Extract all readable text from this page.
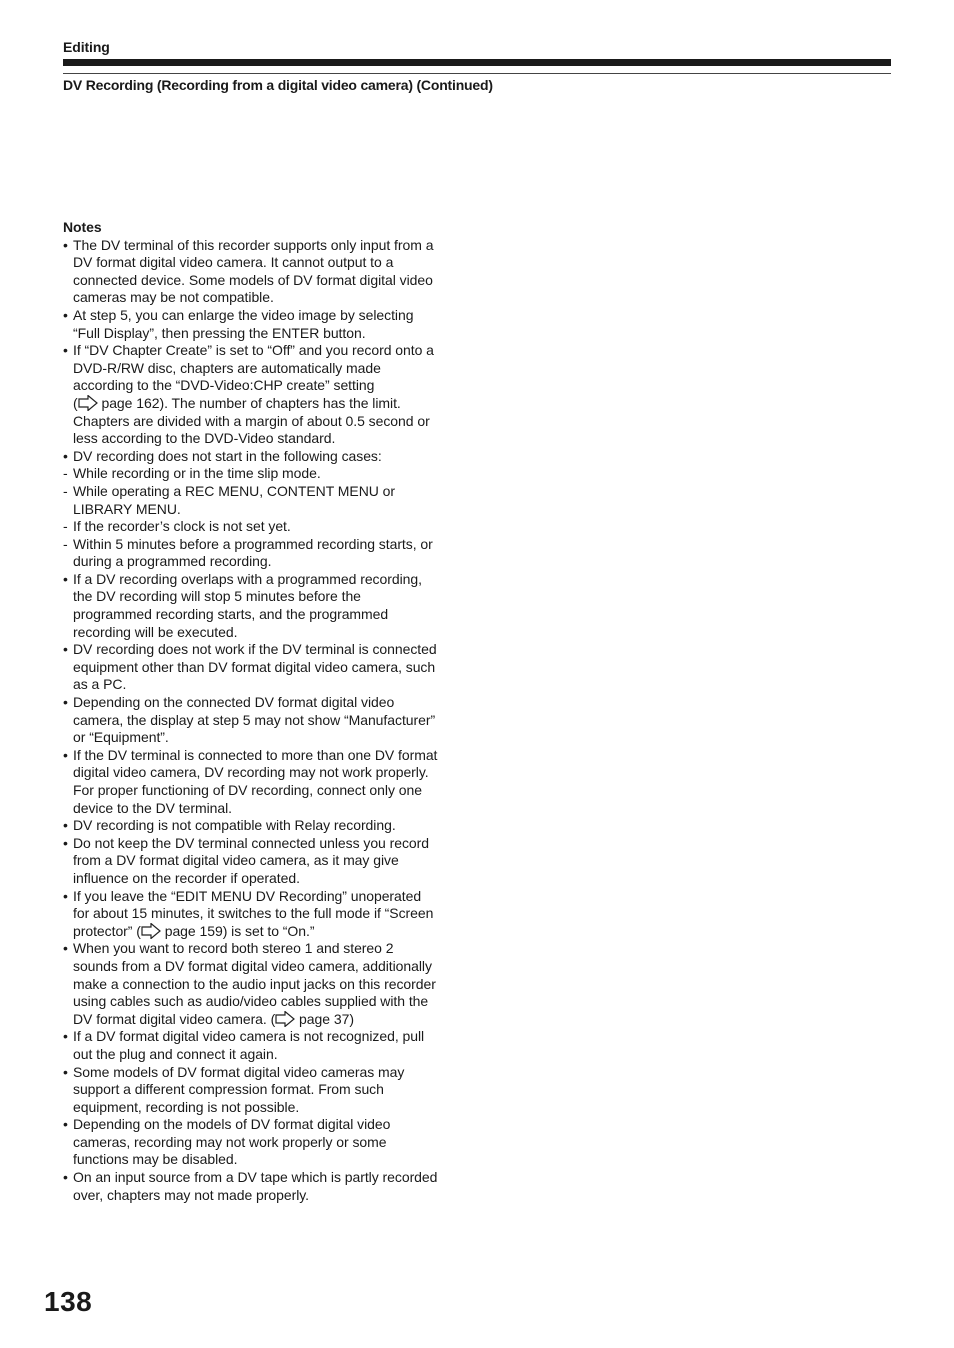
Editing
DV Recording (Recording from a digital video camera) (Continued)
Notes
• The DV terminal of this recorder supports only input from a
DV format digital video camera. It cannot output to a
connected device. Some models of DV format digital video
cameras may be not compatible.
• At step 5, you can enlarge the video image by selecting
“Full Display”, then pressing the ENTER button.
• If “DV Chapter Create” is set to “Off” and you record onto a
DVD-R/RW disc, chapters are automatically made
according to the “DVD-Video:CHP create” setting
( page 162). The number of chapters has the limit.
Chapters are divided with a margin of about 0.5 second or
less according to the DVD-Video standard.
• DV recording does not start in the following cases:
- While recording or in the time slip mode.
- While operating a REC MENU, CONTENT MENU or
LIBRARY MENU.
- If the recorder’s clock is not set yet.
- Within 5 minutes before a programmed recording starts, or
during a programmed recording.
• If a DV recording overlaps with a programmed recording,
the DV recording will stop 5 minutes before the
programmed recording starts, and the programmed
recording will be executed.
• DV recording does not work if the DV terminal is connected
equipment other than DV format digital video camera, such
as a PC.
• Depending on the connected DV format digital video
camera, the display at step 5 may not show “Manufacturer”
or “Equipment”.
• If the DV terminal is connected to more than one DV format
digital video camera, DV recording may not work properly.
For proper functioning of DV recording, connect only one
device to the DV terminal.
• DV recording is not compatible with Relay recording.
• Do not keep the DV terminal connected unless you record
from a DV format digital video camera, as it may give
influence on the recorder if operated.
• If you leave the “EDIT MENU DV Recording” unoperated
for about 15 minutes, it switches to the full mode if “Screen
protector” ( page 159) is set to “On.”
• When you want to record both stereo 1 and stereo 2
sounds from a DV format digital video camera, additionally
make a connection to the audio input jacks on this recorder
using cables such as audio/video cables supplied with the
DV format digital video camera. ( page 37)
• If a DV format digital video camera is not recognized, pull
out the plug and connect it again.
• Some models of DV format digital video cameras may
support a different compression format. From such
equipment, recording is not possible.
• Depending on the models of DV format digital video
cameras, recording may not work properly or some
functions may be disabled.
• On an input source from a DV tape which is partly recorded
over, chapters may not made properly.
138
